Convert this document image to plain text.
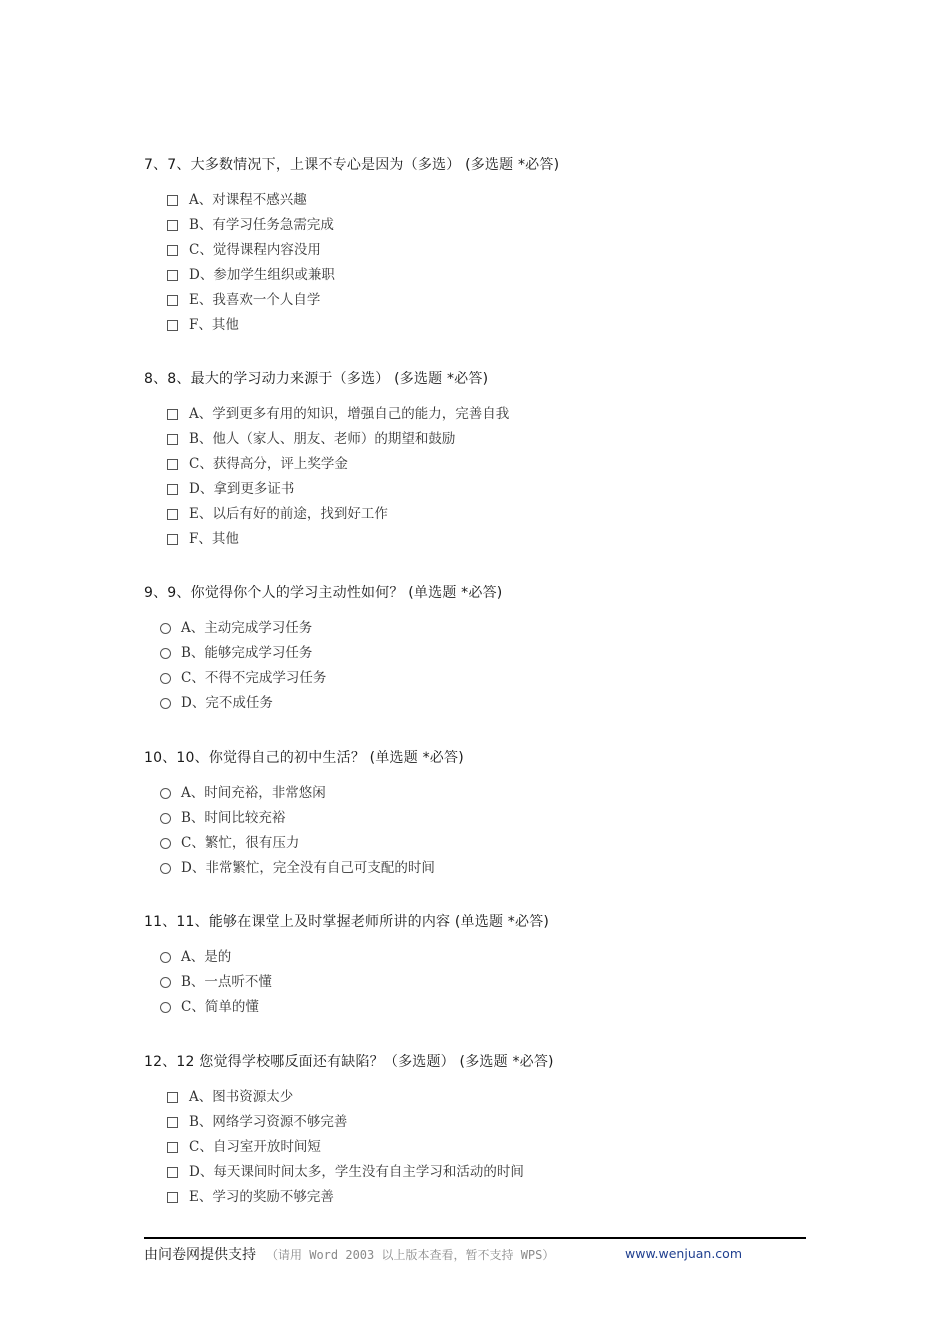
7、7、大多数情况下，上课不专心是因为（多选） (多选题 *必答)
A、对课程不感兴趣
B、有学习任务急需完成
C、觉得课程内容没用
D、参加学生组织或兼职
E、我喜欢一个人自学
F、其他
8、8、最大的学习动力来源于（多选） (多选题 *必答)
A、学到更多有用的知识，增强自己的能力，完善自我
B、他人（家人、朋友、老师）的期望和鼓励
C、获得高分，评上奖学金
D、拿到更多证书
E、以后有好的前途，找到好工作
F、其他
9、9、你觉得你个人的学习主动性如何？ (单选题 *必答)
A、主动完成学习任务
B、能够完成学习任务
C、不得不完成学习任务
D、完不成任务
10、10、你觉得自己的初中生活？ (单选题 *必答)
A、时间充裕，非常悠闲
B、时间比较充裕
C、繁忙，很有压力
D、非常繁忙，完全没有自己可支配的时间
11、11、能够在课堂上及时掌握老师所讲的内容 (单选题 *必答)
A、是的
B、一点听不懂
C、简单的懂
12、12 您觉得学校哪反面还有缺陷？（多选题） (多选题 *必答)
A、图书资源太少
B、网络学习资源不够完善
C、自习室开放时间短
D、每天课间时间太多，学生没有自主学习和活动的时间
E、学习的奖励不够完善
由问卷网提供支持 （请用 Word 2003 以上版本查看，暂不支持 WPS）	www.wenjuan.com
